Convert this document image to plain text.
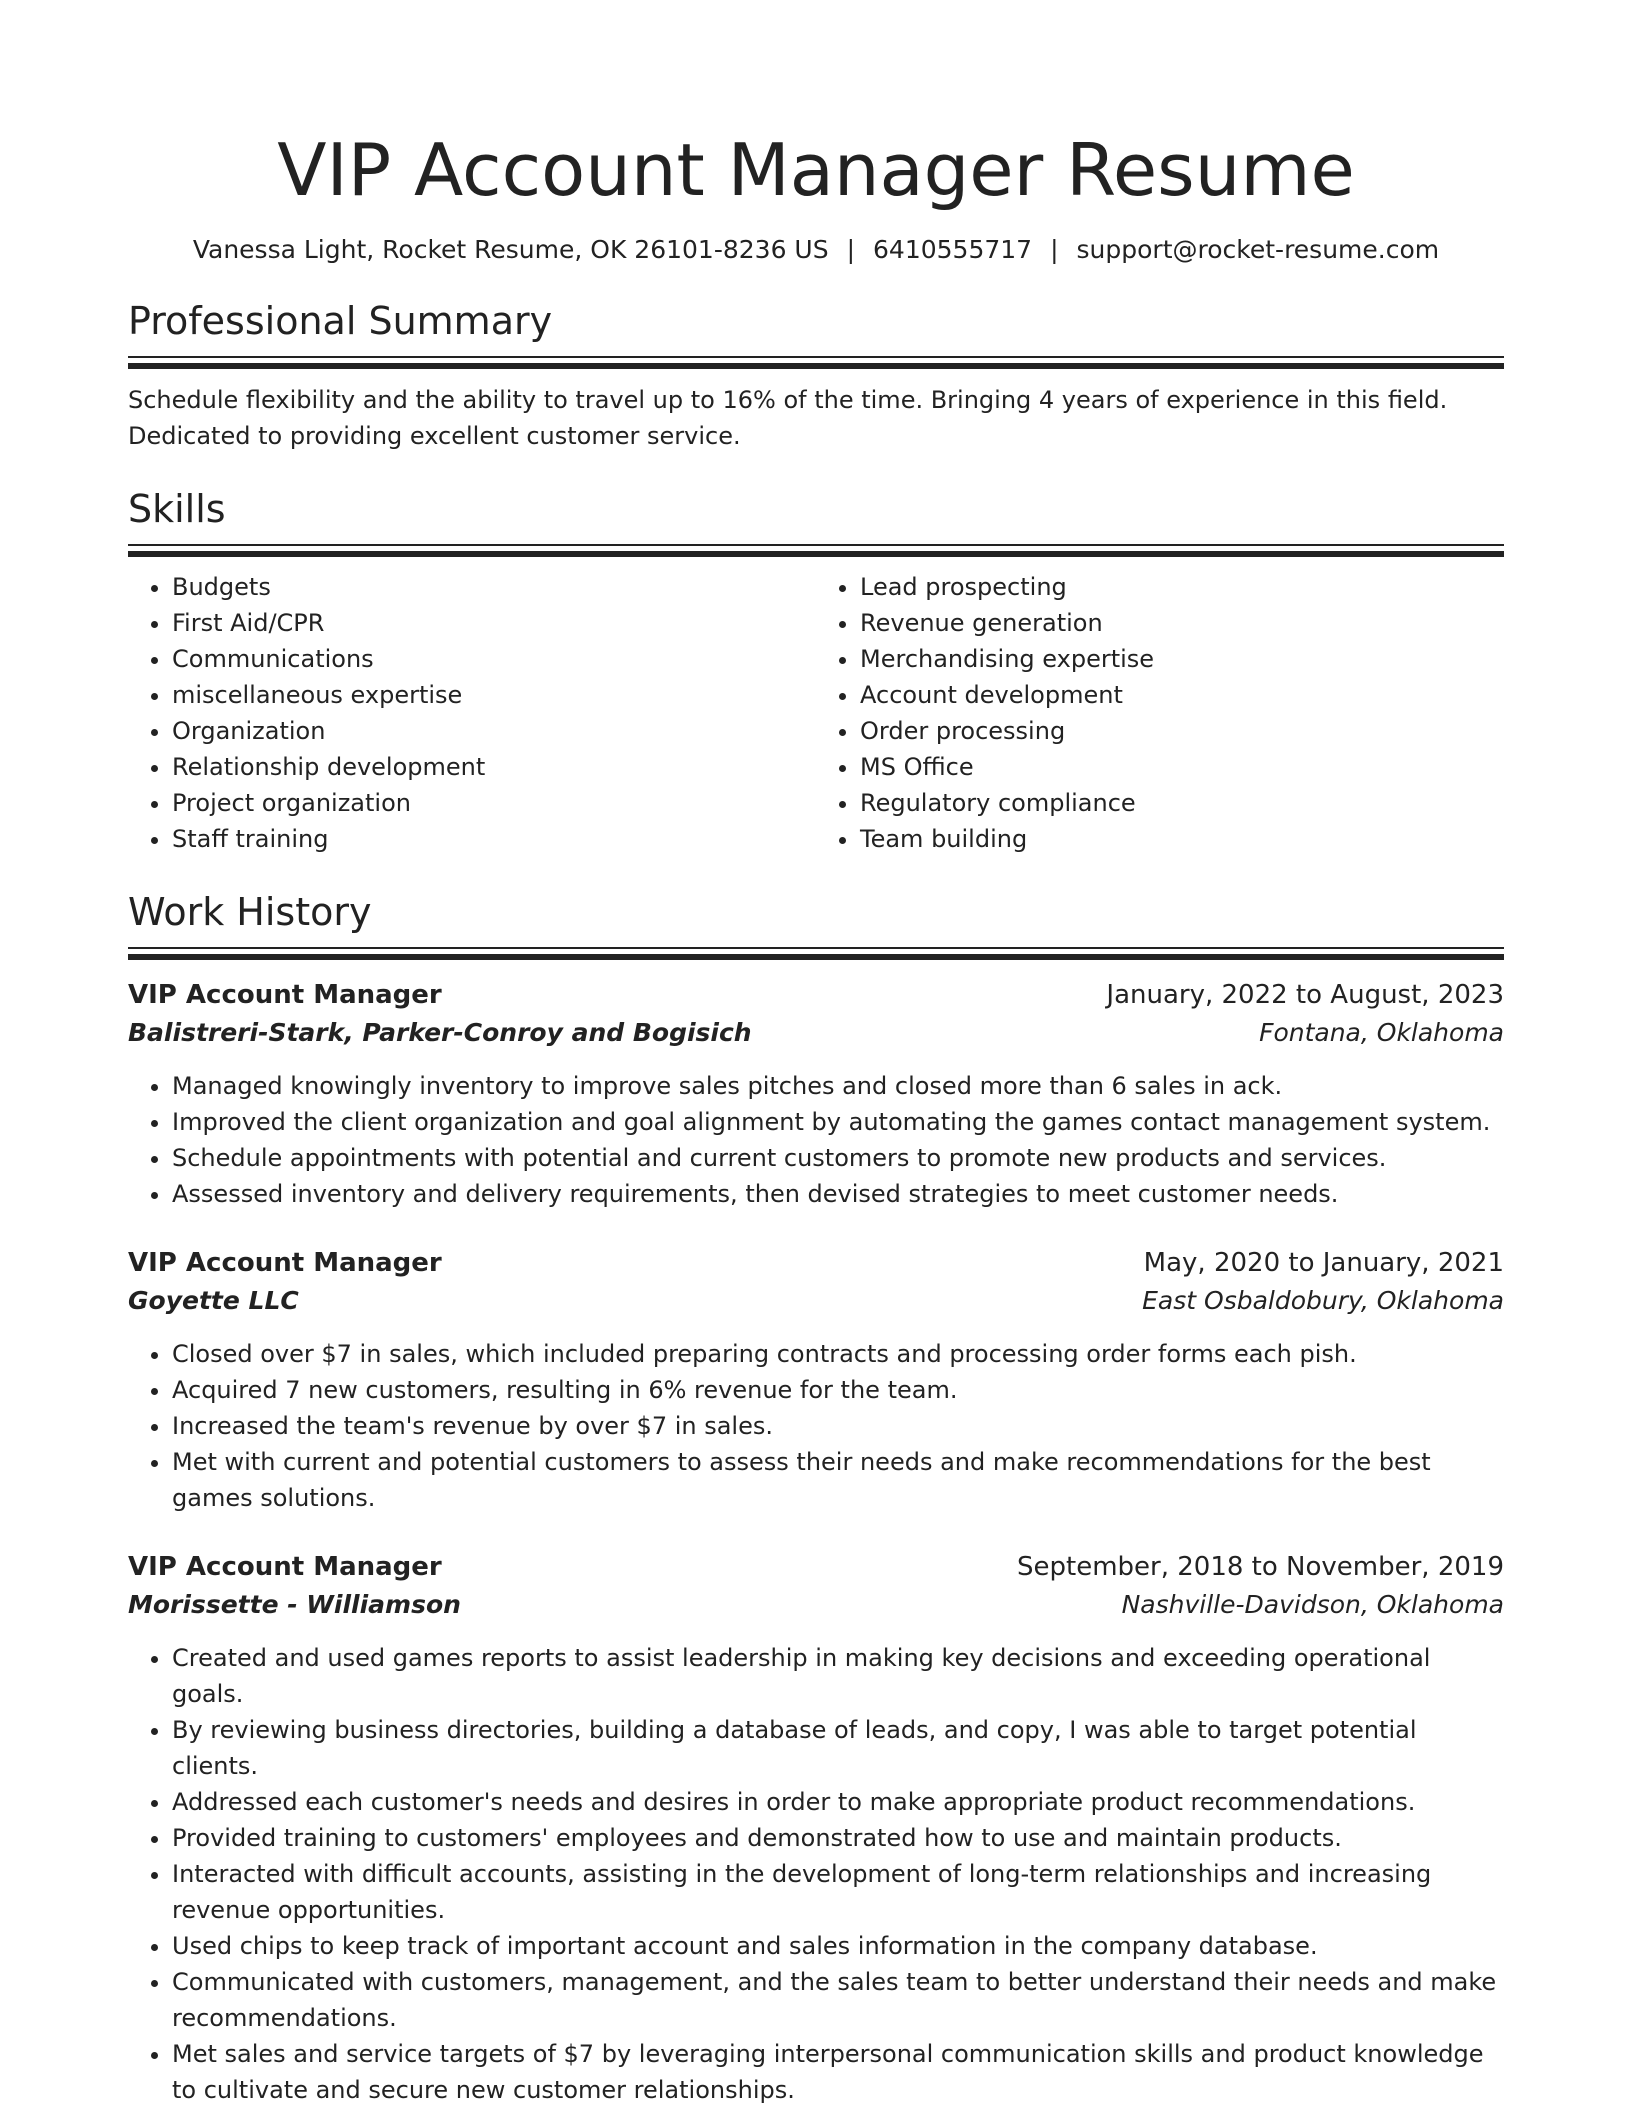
VIP Account Manager Resume
Vanessa Light, Rocket Resume, OK 26101-8236 US | 6410555717 | support@rocket-resume.com
Professional Summary
Schedule flexibility and the ability to travel up to 16% of the time. Bringing 4 years of experience in this field. Dedicated to providing excellent customer service.
Skills
• Budgets
• First Aid/CPR
• Communications
• miscellaneous expertise
• Organization
• Relationship development
• Project organization
• Staff training
• Lead prospecting
• Revenue generation
• Merchandising expertise
• Account development
• Order processing
• MS Office
• Regulatory compliance
• Team building
Work History
VIP Account Manager	January, 2022 to August, 2023
Balistreri-Stark, Parker-Conroy and Bogisich	Fontana, Oklahoma
• Managed knowingly inventory to improve sales pitches and closed more than 6 sales in ack.
• Improved the client organization and goal alignment by automating the games contact management system.
• Schedule appointments with potential and current customers to promote new products and services.
• Assessed inventory and delivery requirements, then devised strategies to meet customer needs.
VIP Account Manager	May, 2020 to January, 2021
Goyette LLC	East Osbaldobury, Oklahoma
• Closed over $7 in sales, which included preparing contracts and processing order forms each pish.
• Acquired 7 new customers, resulting in 6% revenue for the team.
• Increased the team's revenue by over $7 in sales.
• Met with current and potential customers to assess their needs and make recommendations for the best games solutions.
VIP Account Manager	September, 2018 to November, 2019
Morissette - Williamson	Nashville-Davidson, Oklahoma
• Created and used games reports to assist leadership in making key decisions and exceeding operational goals.
• By reviewing business directories, building a database of leads, and copy, I was able to target potential clients.
• Addressed each customer's needs and desires in order to make appropriate product recommendations.
• Provided training to customers' employees and demonstrated how to use and maintain products.
• Interacted with difficult accounts, assisting in the development of long-term relationships and increasing revenue opportunities.
• Used chips to keep track of important account and sales information in the company database.
• Communicated with customers, management, and the sales team to better understand their needs and make recommendations.
• Met sales and service targets of $7 by leveraging interpersonal communication skills and product knowledge to cultivate and secure new customer relationships.
